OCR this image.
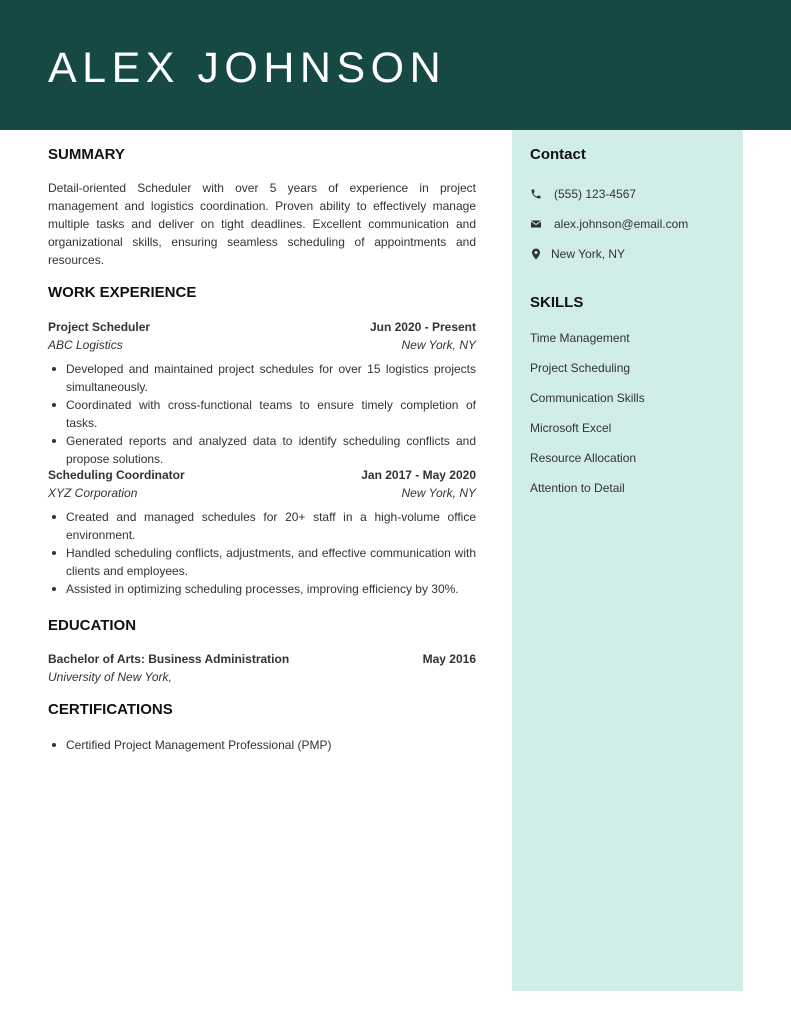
ALEX JOHNSON
Contact
(555) 123-4567
alex.johnson@email.com
New York, NY
SKILLS
Time Management
Project Scheduling
Communication Skills
Microsoft Excel
Resource Allocation
Attention to Detail
SUMMARY
Detail-oriented Scheduler with over 5 years of experience in project management and logistics coordination. Proven ability to effectively manage multiple tasks and deliver on tight deadlines. Excellent communication and organizational skills, ensuring seamless scheduling of appointments and resources.
WORK EXPERIENCE
Project Scheduler	Jun 2020 - Present
ABC Logistics	New York, NY
Developed and maintained project schedules for over 15 logistics projects simultaneously.
Coordinated with cross-functional teams to ensure timely completion of tasks.
Generated reports and analyzed data to identify scheduling conflicts and propose solutions.
Scheduling Coordinator	Jan 2017 - May 2020
XYZ Corporation	New York, NY
Created and managed schedules for 20+ staff in a high-volume office environment.
Handled scheduling conflicts, adjustments, and effective communication with clients and employees.
Assisted in optimizing scheduling processes, improving efficiency by 30%.
EDUCATION
Bachelor of Arts: Business Administration	May 2016
University of New York,
CERTIFICATIONS
Certified Project Management Professional (PMP)
